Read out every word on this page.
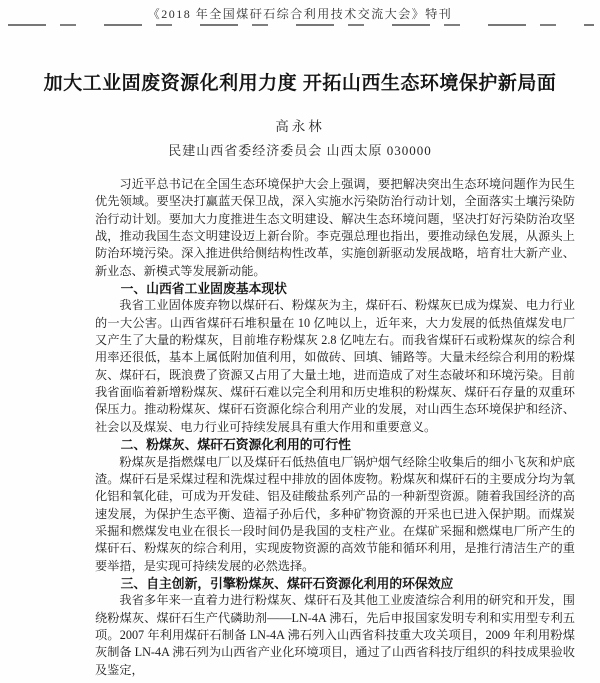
《2018 年全国煤矸石综合利用技术交流大会》特刊
加大工业固废资源化利用力度 开拓山西生态环境保护新局面
高永林
民建山西省委经济委员会 山西太原 030000

习近平总书记在全国生态环境保护大会上强调，要把解决突出生态环境问题作为民生优先领域。要坚决打赢蓝天保卫战，深入实施水污染防治行动计划，全面落实土壤污染防治行动计划。要加大力度推进生态文明建设、解决生态环境问题，坚决打好污染防治攻坚战，推动我国生态文明建设迈上新台阶。李克强总理也指出，要推动绿色发展，从源头上防治环境污染。深入推进供给侧结构性改革，实施创新驱动发展战略，培育壮大新产业、新业态、新模式等发展新动能。

一、山西省工业固废基本现状

我省工业固体废弃物以煤矸石、粉煤灰为主，煤矸石、粉煤灰已成为煤炭、电力行业的一大公害。山西省煤矸石堆积量在 10 亿吨以上，近年来，大力发展的低热值煤发电厂又产生了大量的粉煤灰，目前堆存粉煤灰 2.8 亿吨左右。而我省煤矸石或粉煤灰的综合利用率还很低，基本上属低附加值利用，如做砖、回填、铺路等。大量未经综合利用的粉煤灰、煤矸石，既浪费了资源又占用了大量土地，进而造成了对生态破坏和环境污染。目前我省面临着新增粉煤灰、煤矸石难以完全利用和历史堆积的粉煤灰、煤矸石存量的双重环保压力。推动粉煤灰、煤矸石资源化综合利用产业的发展，对山西生态环境保护和经济、社会以及煤炭、电力行业可持续发展具有重大作用和重要意义。

二、粉煤灰、煤矸石资源化利用的可行性

粉煤灰是指燃煤电厂以及煤矸石低热值电厂锅炉烟气经除尘收集后的细小飞灰和炉底渣。煤矸石是采煤过程和洗煤过程中排放的固体废物。粉煤灰和煤矸石的主要成分均为氧化铝和氧化硅，可成为开发硅、铝及硅酸盐系列产品的一种新型资源。随着我国经济的高速发展，为保护生态平衡、造福子孙后代，多种矿物资源的开采也已进入保护期。而煤炭采掘和燃煤发电业在很长一段时间仍是我国的支柱产业。在煤矿采掘和燃煤电厂所产生的煤矸石、粉煤灰的综合利用，实现废物资源的高效节能和循环利用，是推行清洁生产的重要举措，是实现可持续发展的必然选择。

三、自主创新，引擎粉煤灰、煤矸石资源化利用的环保效应

我省多年来一直着力进行粉煤灰、煤矸石及其他工业废渣综合利用的研究和开发，围绕粉煤灰、煤矸石生产代磷助剂——LN-4A 沸石，先后申报国家发明专利和实用型专利五项。2007 年利用煤矸石制备 LN-4A 沸石列入山西省科技重大攻关项目，2009 年利用粉煤灰制备 LN-4A 沸石列为山西省产业化环境项目，通过了山西省科技厅组织的科技成果验收及鉴定，
